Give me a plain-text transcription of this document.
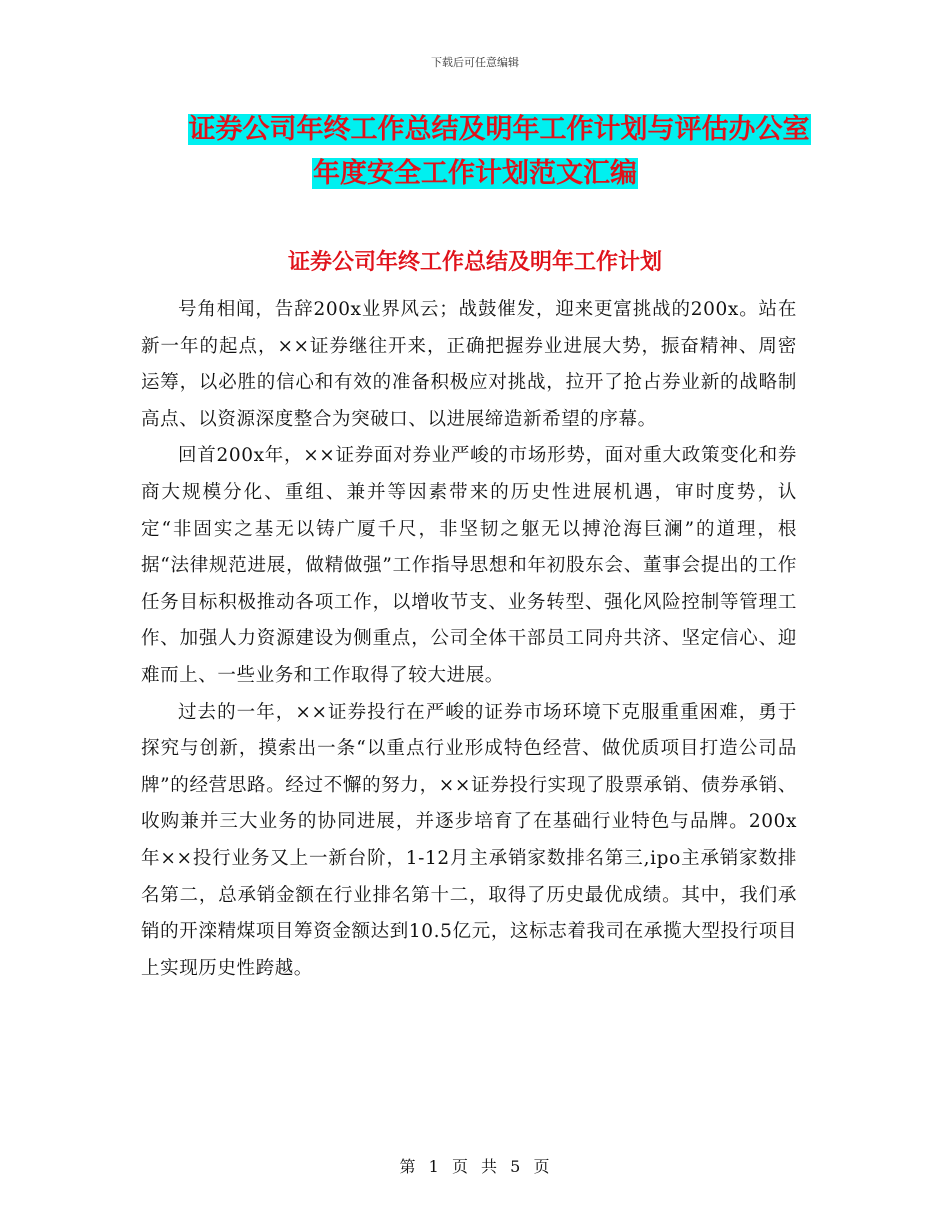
下载后可任意编辑
证券公司年终工作总结及明年工作计划与评估办公室
年度安全工作计划范文汇编
证券公司年终工作总结及明年工作计划

号角相闻，告辞200x业界风云；战鼓催发，迎来更富挑战的200x。站在新一年的起点，××证券继往开来，正确把握券业进展大势，振奋精神、周密运筹，以必胜的信心和有效的准备积极应对挑战，拉开了抢占券业新的战略制高点、以资源深度整合为突破口、以进展缔造新希望的序幕。

回首200x年，××证券面对券业严峻的市场形势，面对重大政策变化和券商大规模分化、重组、兼并等因素带来的历史性进展机遇，审时度势，认定“非固实之基无以铸广厦千尺，非坚韧之躯无以搏沧海巨澜”的道理，根据“法律规范进展，做精做强”工作指导思想和年初股东会、董事会提出的工作任务目标积极推动各项工作，以增收节支、业务转型、强化风险控制等管理工作、加强人力资源建设为侧重点，公司全体干部员工同舟共济、坚定信心、迎难而上、一些业务和工作取得了较大进展。

过去的一年，××证券投行在严峻的证券市场环境下克服重重困难，勇于探究与创新，摸索出一条“以重点行业形成特色经营、做优质项目打造公司品牌”的经营思路。经过不懈的努力，××证券投行实现了股票承销、债券承销、收购兼并三大业务的协同进展，并逐步培育了在基础行业特色与品牌。200x年××投行业务又上一新台阶，1-12月主承销家数排名第三,ipo主承销家数排名第二，总承销金额在行业排名第十二，取得了历史最优成绩。其中，我们承销的开滦精煤项目筹资金额达到10.5亿元，这标志着我司在承揽大型投行项目上实现历史性跨越。

第 1 页 共 5 页
